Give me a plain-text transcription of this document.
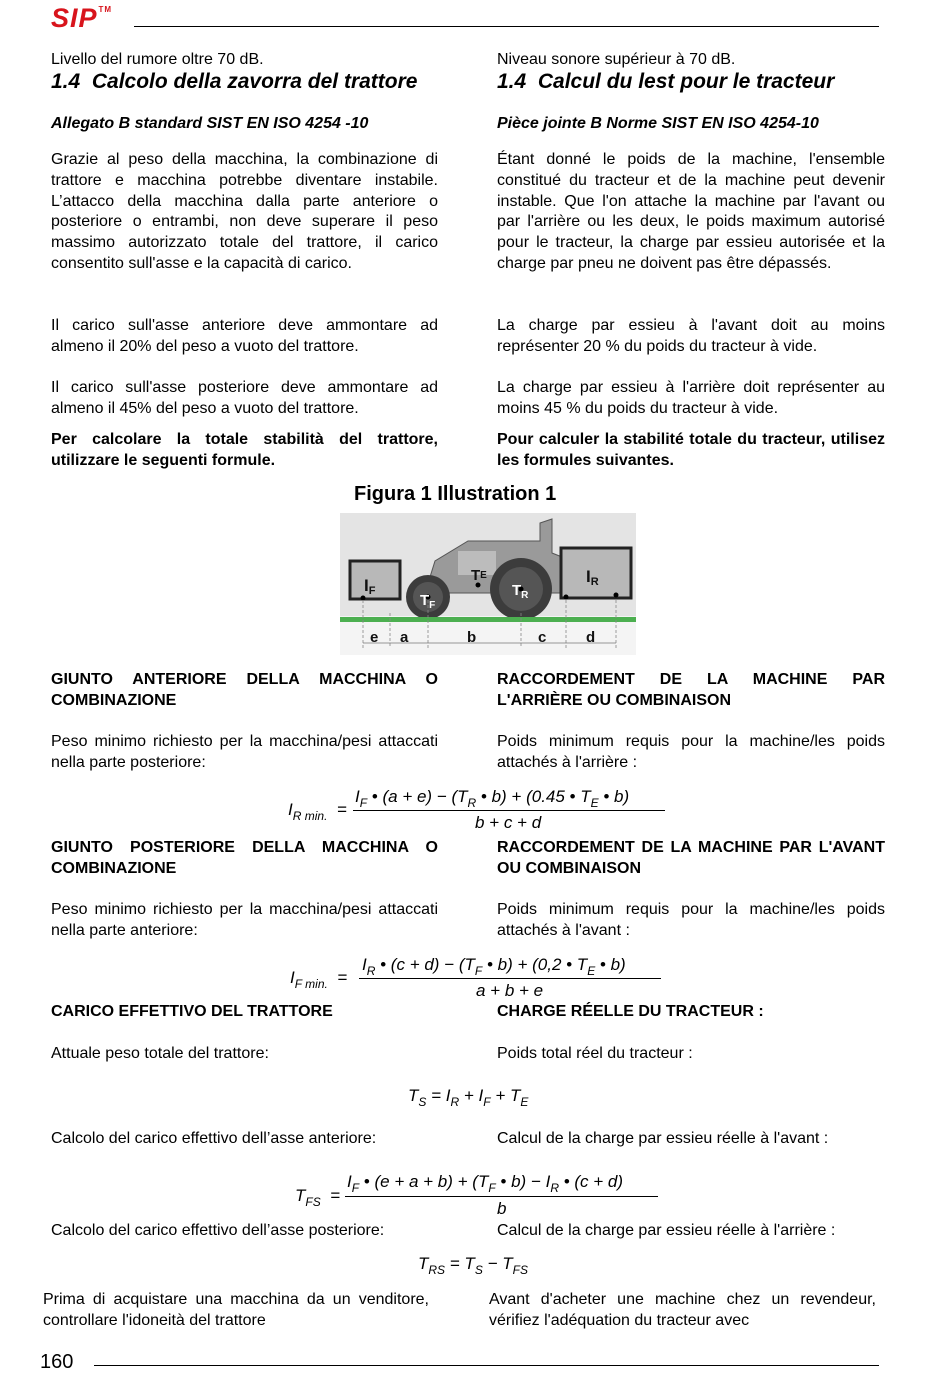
SIP™
Livello del rumore oltre 70 dB.	Niveau sonore supérieur à 70 dB.
1.4 Calcolo della zavorra del trattore	1.4 Calcul du lest pour le tracteur
Allegato B standard SIST EN ISO 4254 -10	Pièce jointe B Norme SIST EN ISO 4254-10
Grazie al peso della macchina, la combinazione di trattore e macchina potrebbe diventare instabile. L’attacco della macchina dalla parte anteriore o posteriore o entrambi, non deve superare il peso massimo autorizzato totale del trattore, il carico consentito sull'asse e la capacità di carico.
Étant donné le poids de la machine, l'ensemble constitué du tracteur et de la machine peut devenir instable. Que l'on attache la machine par l'avant ou par l'arrière ou les deux, le poids maximum autorisé pour le tracteur, la charge par essieu autorisée et la charge par pneu ne doivent pas être dépassés.
Il carico sull'asse anteriore deve ammontare ad almeno il 20% del peso a vuoto del trattore.
La charge par essieu à l'avant doit au moins représenter 20 % du poids du tracteur à vide.
Il carico sull'asse posteriore deve ammontare ad almeno il 45% del peso a vuoto del trattore.
La charge par essieu à l'arrière doit représenter au moins 45 % du poids du tracteur à vide.
Per calcolare la totale stabilità del trattore, utilizzare le seguenti formule.
Pour calculer la stabilité totale du tracteur, utilisez les formules suivantes.
Figura 1 Illustration 1
IF
$T_F$
TE
$T_R$
IR
e a	b	c	d
GIUNTO ANTERIORE DELLA MACCHINA O COMBINAZIONE
RACCORDEMENT DE LA MACHINE PAR L'ARRIÈRE OU COMBINAISON
Peso minimo richiesto per la macchina/pesi attaccati nella parte posteriore:
Poids minimum requis pour la machine/les poids attachés à l'arrière :
$I_{R min.}$  =
$I_F$ • $(a + e) - (T_R$ • b) + (0.45 • $T_E$ • b)
b + c + d
GIUNTO POSTERIORE DELLA MACCHINA O COMBINAZIONE
RACCORDEMENT DE LA MACHINE PAR L'AVANT OU COMBINAISON
Peso minimo richiesto per la macchina/pesi attaccati nella parte anteriore:
Poids minimum requis pour la machine/les poids attachés à l'avant :
$I_{F min.}$  =
$I_R$ • $(c + d) - (T_F$ • b) + (0,2 • $T_E$ • b)
a + b + e
CARICO EFFETTIVO DEL TRATTORE	CHARGE RÉELLE DU TRACTEUR :
Attuale peso totale del trattore:	Poids total réel du tracteur :
$T_S = I_R + I_F + T_E$
Calcolo del carico effettivo dell’asse anteriore:	Calcul de la charge par essieu réelle à l'avant :
$T_{FS}$  =
$I_F$ • $(e + a + b) + (T_F$ • $b) - I_R$ • (c + d)
b
Calcolo del carico effettivo dell’asse posteriore:	Calcul de la charge par essieu réelle à l'arrière :
$T_{RS} = T_S - T_{FS}$
Prima di acquistare una macchina da un venditore, controllare l'idoneità del trattore
Avant d'acheter une machine chez un revendeur, vérifiez l'adéquation du tracteur avec
160
